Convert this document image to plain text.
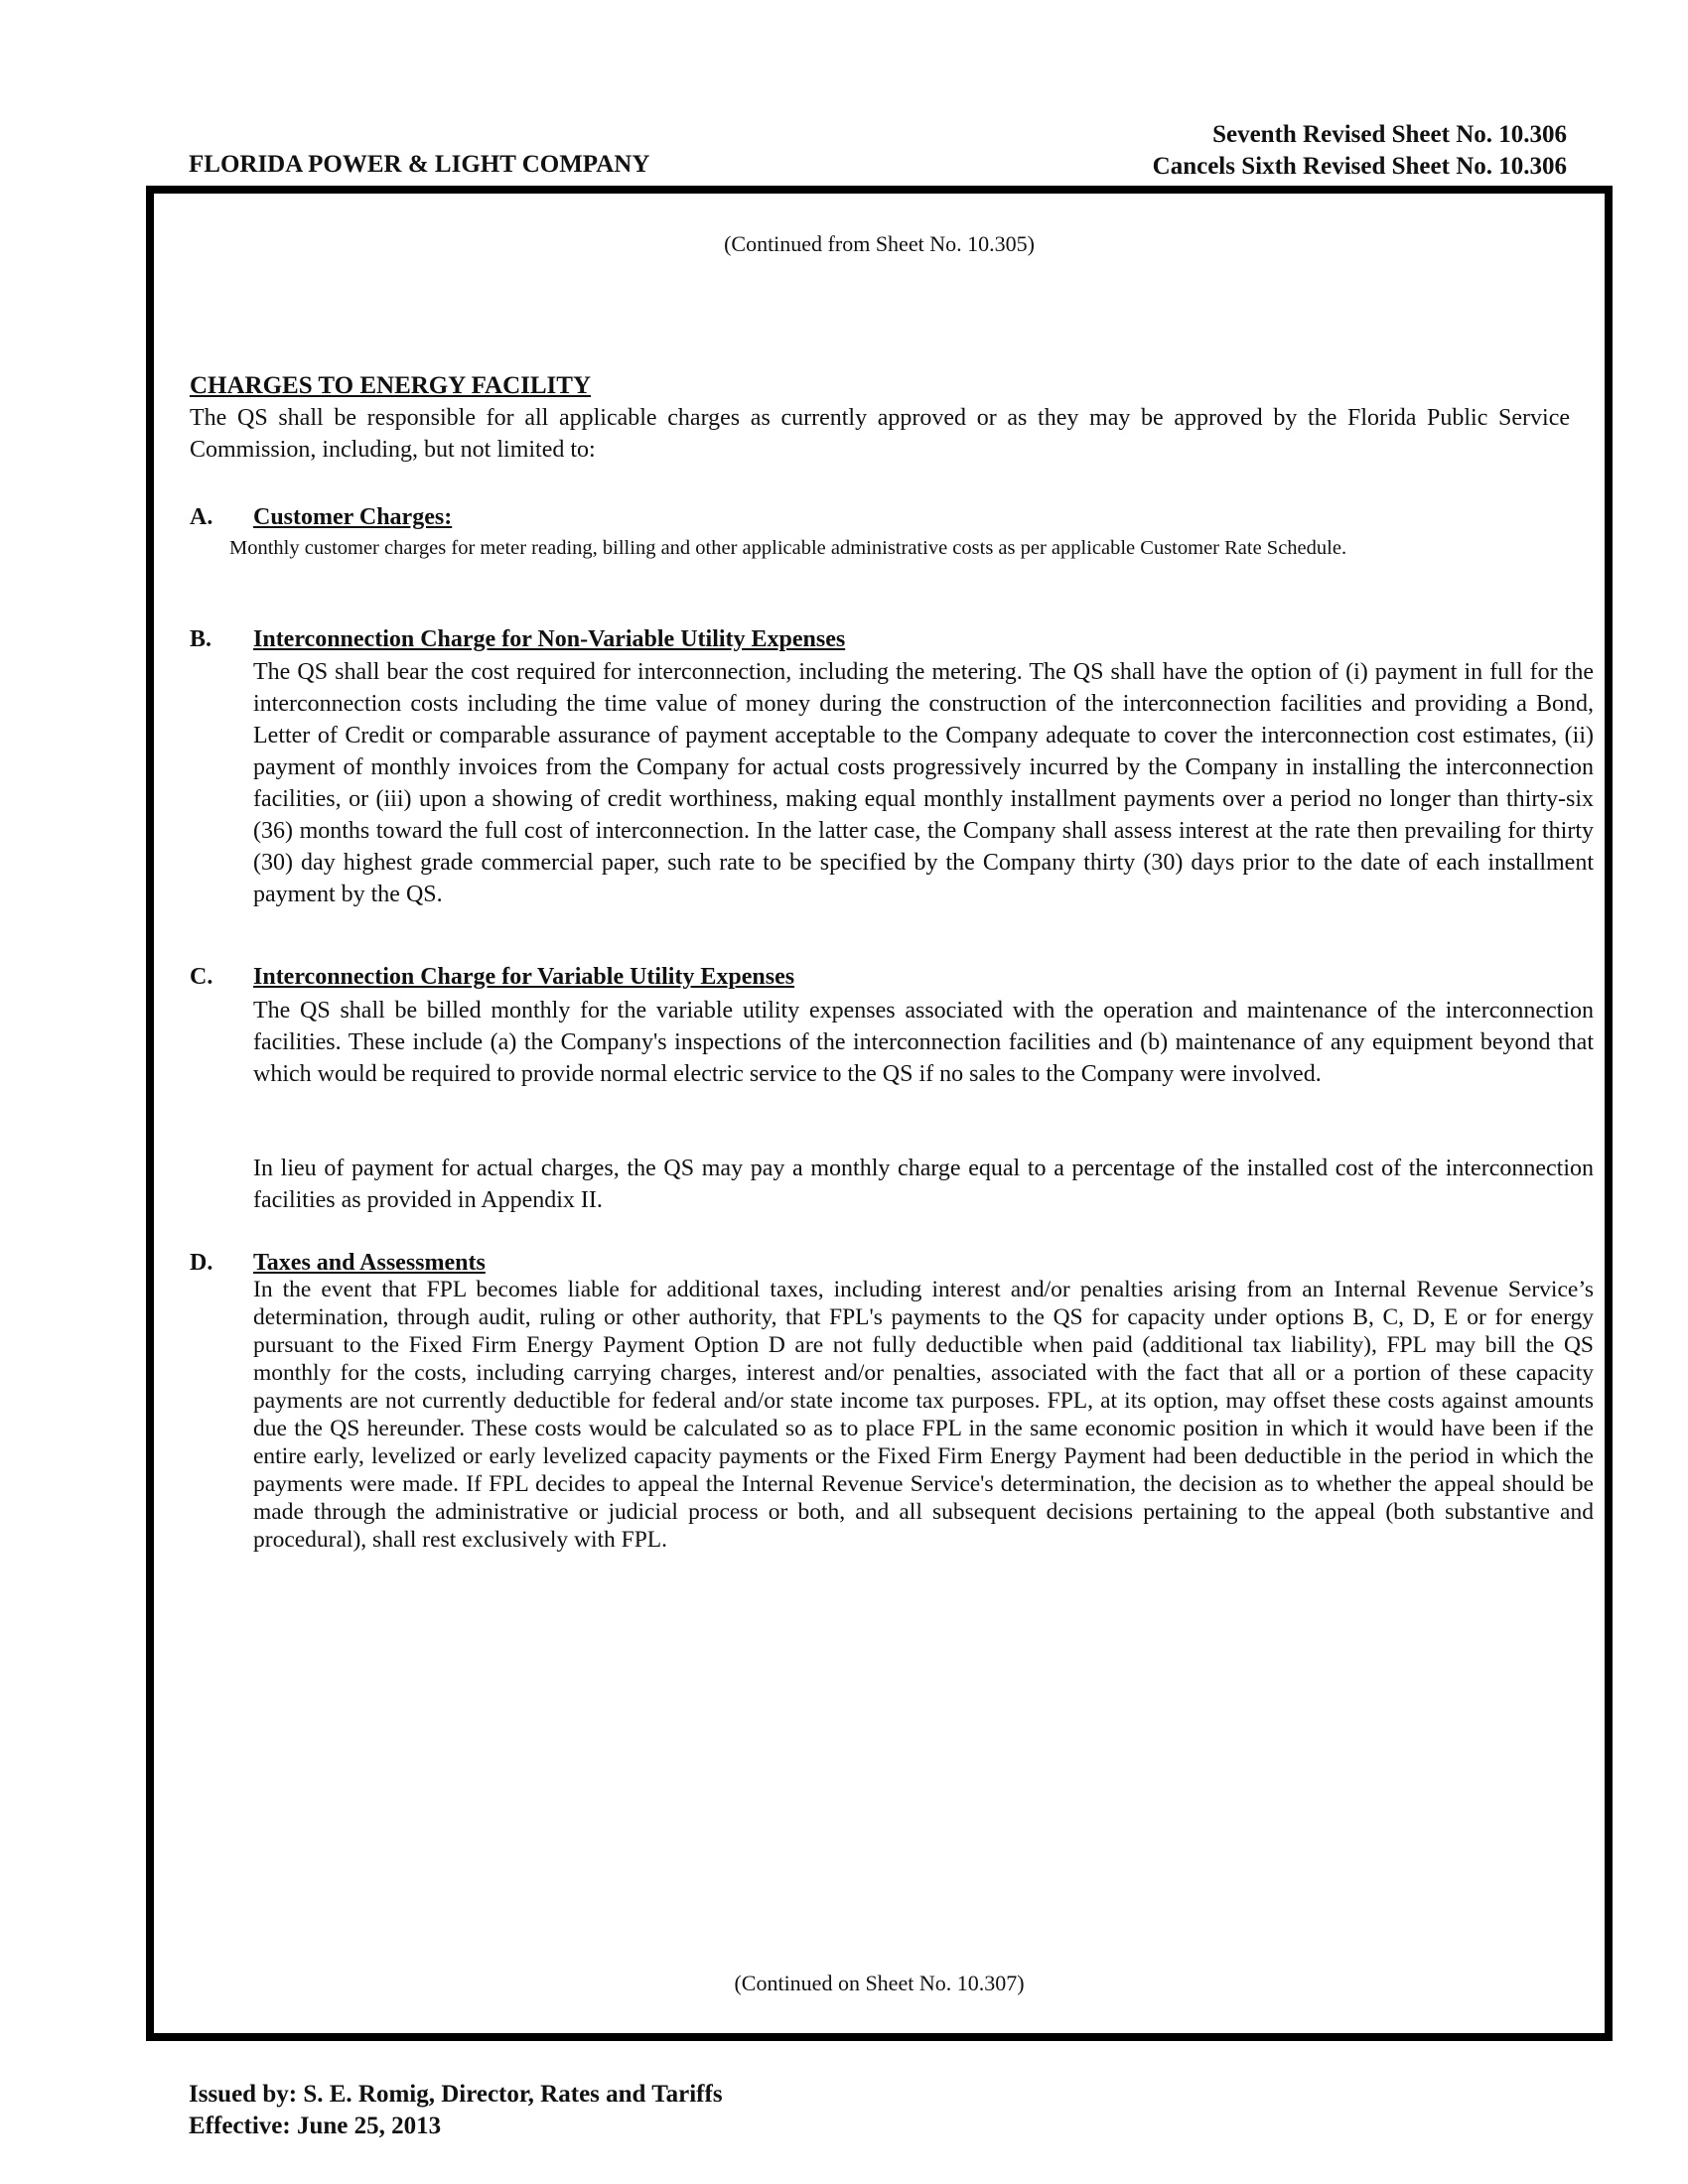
FLORIDA POWER & LIGHT COMPANY
Seventh Revised Sheet No. 10.306
Cancels Sixth Revised Sheet No. 10.306
(Continued from Sheet No. 10.305)
CHARGES TO ENERGY FACILITY
The QS shall be responsible for all applicable charges as currently approved or as they may be approved by the Florida Public Service Commission, including, but not limited to:
A. Customer Charges:
Monthly customer charges for meter reading, billing and other applicable administrative costs as per applicable Customer Rate Schedule.
B. Interconnection Charge for Non-Variable Utility Expenses
The QS shall bear the cost required for interconnection, including the metering. The QS shall have the option of (i) payment in full for the interconnection costs including the time value of money during the construction of the interconnection facilities and providing a Bond, Letter of Credit or comparable assurance of payment acceptable to the Company adequate to cover the interconnection cost estimates, (ii) payment of monthly invoices from the Company for actual costs progressively incurred by the Company in installing the interconnection facilities, or (iii) upon a showing of credit worthiness, making equal monthly installment payments over a period no longer than thirty-six (36) months toward the full cost of interconnection. In the latter case, the Company shall assess interest at the rate then prevailing for thirty (30) day highest grade commercial paper, such rate to be specified by the Company thirty (30) days prior to the date of each installment payment by the QS.
C. Interconnection Charge for Variable Utility Expenses
The QS shall be billed monthly for the variable utility expenses associated with the operation and maintenance of the interconnection facilities. These include (a) the Company's inspections of the interconnection facilities and (b) maintenance of any equipment beyond that which would be required to provide normal electric service to the QS if no sales to the Company were involved.
In lieu of payment for actual charges, the QS may pay a monthly charge equal to a percentage of the installed cost of the interconnection facilities as provided in Appendix II.
D. Taxes and Assessments
In the event that FPL becomes liable for additional taxes, including interest and/or penalties arising from an Internal Revenue Service’s determination, through audit, ruling or other authority, that FPL's payments to the QS for capacity under options B, C, D, E or for energy pursuant to the Fixed Firm Energy Payment Option D are not fully deductible when paid (additional tax liability), FPL may bill the QS monthly for the costs, including carrying charges, interest and/or penalties, associated with the fact that all or a portion of these capacity payments are not currently deductible for federal and/or state income tax purposes. FPL, at its option, may offset these costs against amounts due the QS hereunder. These costs would be calculated so as to place FPL in the same economic position in which it would have been if the entire early, levelized or early levelized capacity payments or the Fixed Firm Energy Payment had been deductible in the period in which the payments were made. If FPL decides to appeal the Internal Revenue Service's determination, the decision as to whether the appeal should be made through the administrative or judicial process or both, and all subsequent decisions pertaining to the appeal (both substantive and procedural), shall rest exclusively with FPL.
(Continued on Sheet No. 10.307)
Issued by: S. E. Romig, Director, Rates and Tariffs
Effective: June 25, 2013
